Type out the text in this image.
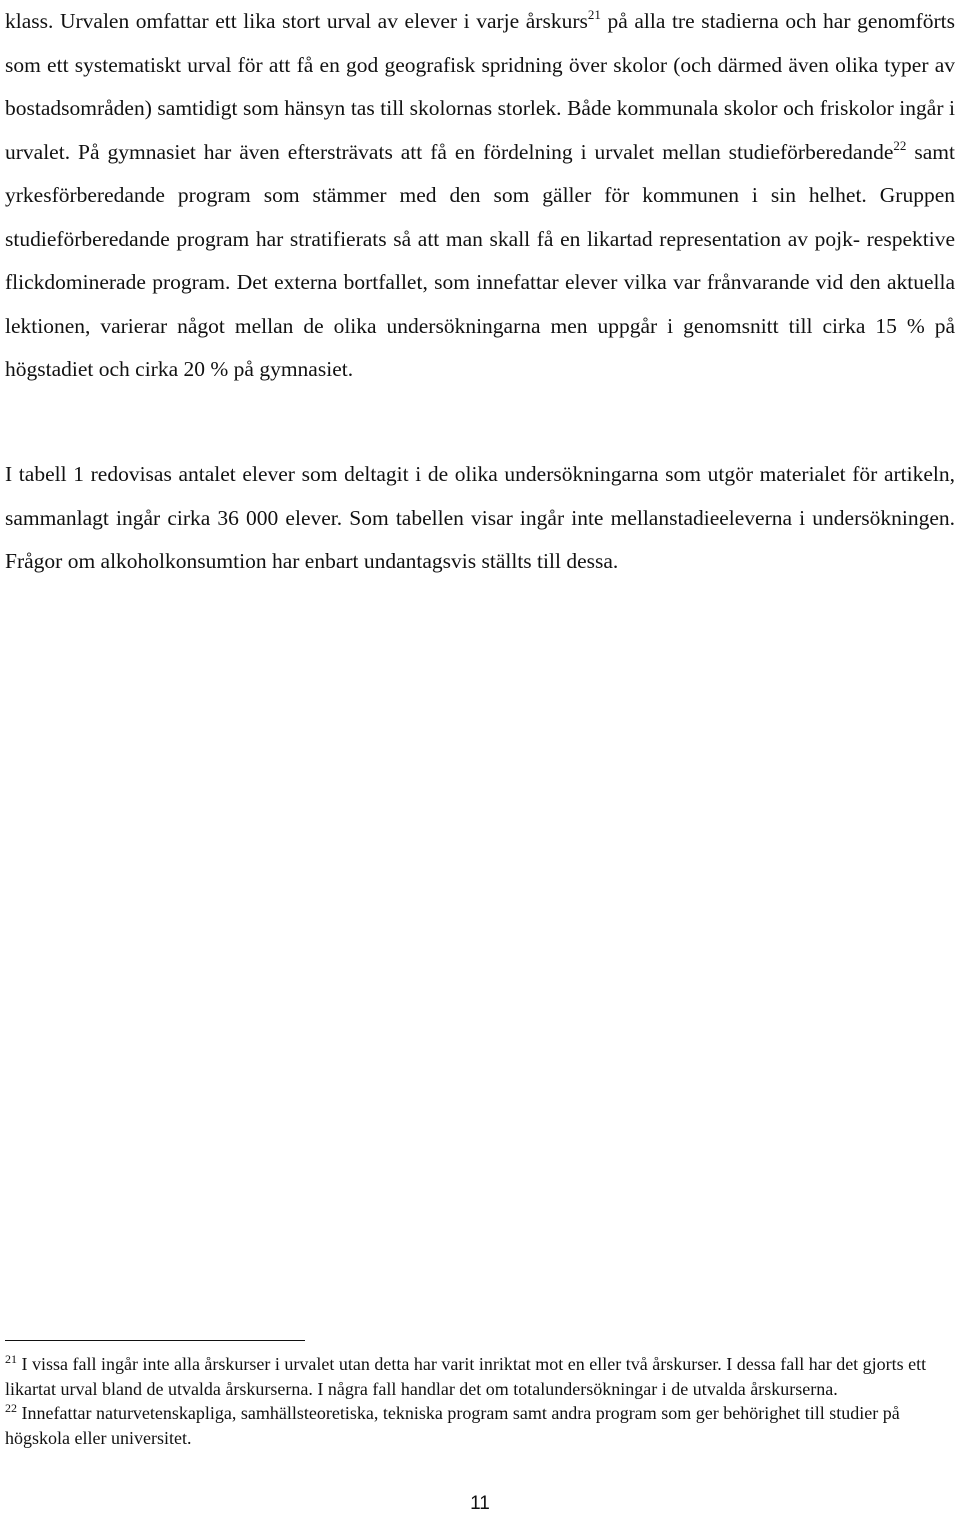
klass. Urvalen omfattar ett lika stort urval av elever i varje årskurs$^{21}$ på alla tre stadierna och har genomförts som ett systematiskt urval för att få en god geografisk spridning över skolor (och därmed även olika typer av bostadsområden) samtidigt som hänsyn tas till skolornas storlek. Både kommunala skolor och friskolor ingår i urvalet. På gymnasiet har även eftersträvats att få en fördelning i urvalet mellan studieförberedande$^{22}$ samt yrkesförberedande program som stämmer med den som gäller för kommunen i sin helhet. Gruppen studieförberedande program har stratifierats så att man skall få en likartad representation av pojk- respektive flickdominerade program. Det externa bortfallet, som innefattar elever vilka var frånvarande vid den aktuella lektionen, varierar något mellan de olika undersökningarna men uppgår i genomsnitt till cirka 15 % på högstadiet och cirka 20 % på gymnasiet.

I tabell 1 redovisas antalet elever som deltagit i de olika undersökningarna som utgör materialet för artikeln, sammanlagt ingår cirka 36 000 elever. Som tabellen visar ingår inte mellanstadieeleverna i undersökningen. Frågor om alkoholkonsumtion har enbart undantagsvis ställts till dessa.

$^{21}$ I vissa fall ingår inte alla årskurser i urvalet utan detta har varit inriktat mot en eller två årskurser. I dessa fall har det gjorts ett likartat urval bland de utvalda årskurserna. I några fall handlar det om totalundersökningar i de utvalda årskurserna.

$^{22}$ Innefattar naturvetenskapliga, samhällsteoretiska, tekniska program samt andra program som ger behörighet till studier på högskola eller universitet.

11
